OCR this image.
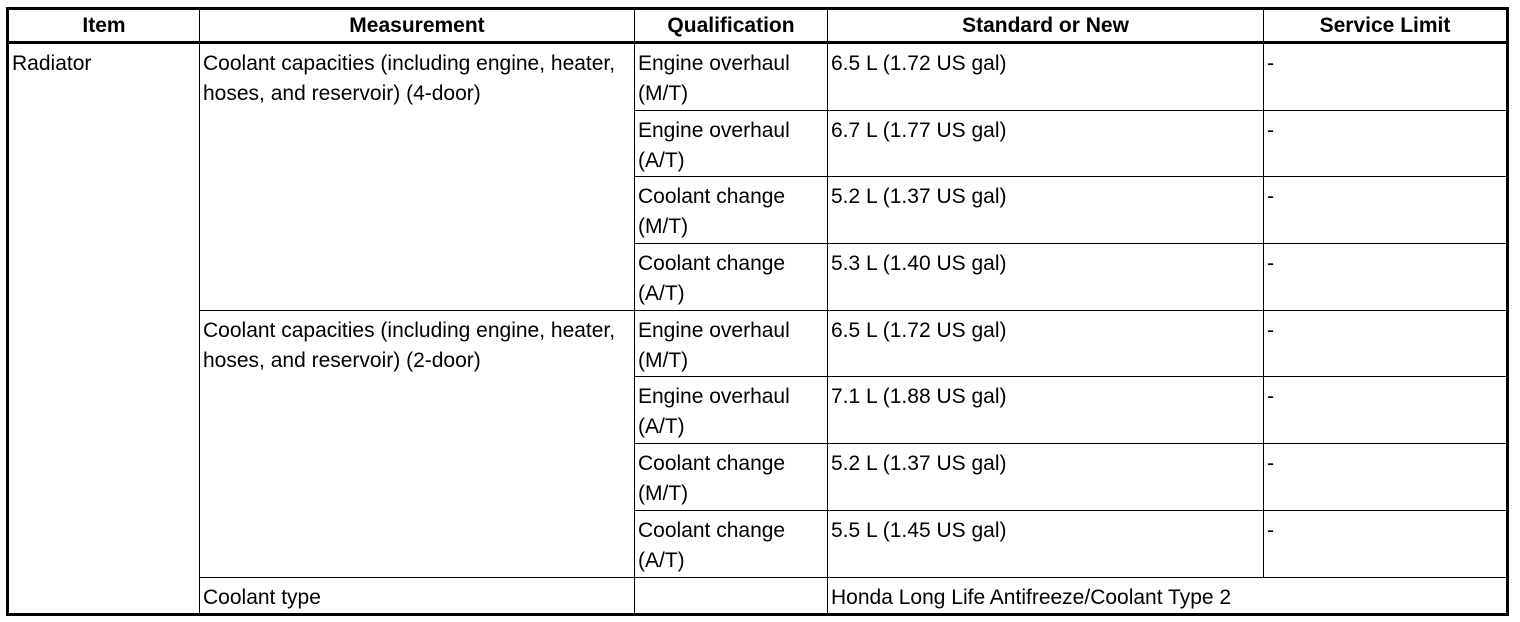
Item	Measurement	Qualification	Standard or New	Service Limit
Radiator	Coolant capacities (including engine, heater, hoses, and reservoir) (4-door)	Engine overhaul (M/T)	6.5 L (1.72 US gal)	-
		Engine overhaul (A/T)	6.7 L (1.77 US gal)	-
		Coolant change (M/T)	5.2 L (1.37 US gal)	-
		Coolant change (A/T)	5.3 L (1.40 US gal)	-
	Coolant capacities (including engine, heater, hoses, and reservoir) (2-door)	Engine overhaul (M/T)	6.5 L (1.72 US gal)	-
		Engine overhaul (A/T)	7.1 L (1.88 US gal)	-
		Coolant change (M/T)	5.2 L (1.37 US gal)	-
		Coolant change (A/T)	5.5 L (1.45 US gal)	-
	Coolant type		Honda Long Life Antifreeze/Coolant Type 2	
